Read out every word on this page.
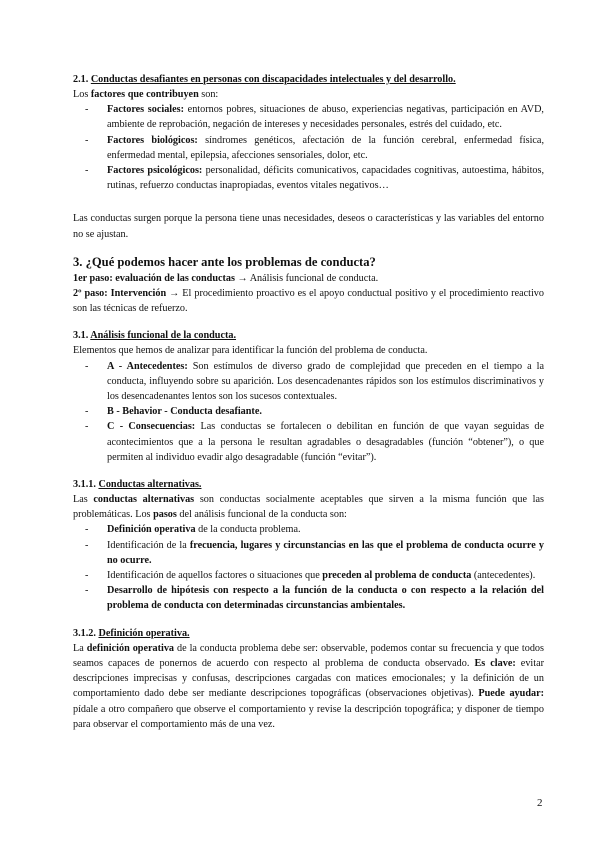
2.1. Conductas desafiantes en personas con discapacidades intelectuales y del desarrollo.

Los factores que contribuyen son:

- Factores sociales: entornos pobres, situaciones de abuso, experiencias negativas, participación en AVD, ambiente de reprobación, negación de intereses y necesidades personales, estrés del cuidado, etc.
- Factores biológicos: síndromes genéticos, afectación de la función cerebral, enfermedad física, enfermedad mental, epilepsia, afecciones sensoriales, dolor, etc.
- Factores psicológicos: personalidad, déficits comunicativos, capacidades cognitivas, autoestima, hábitos, rutinas, refuerzo conductas inapropiadas, eventos vitales negativos…

Las conductas surgen porque la persona tiene unas necesidades, deseos o características y las variables del entorno no se ajustan.

3. ¿Qué podemos hacer ante los problemas de conducta?

1er paso: evaluación de las conductas → Análisis funcional de conducta.

2º paso: Intervención → El procedimiento proactivo es el apoyo conductual positivo y el procedimiento reactivo son las técnicas de refuerzo.

3.1. Análisis funcional de la conducta.

Elementos que hemos de analizar para identificar la función del problema de conducta.

- A - Antecedentes: Son estímulos de diverso grado de complejidad que preceden en el tiempo a la conducta, influyendo sobre su aparición. Los desencadenantes rápidos son los estímulos discriminativos y los desencadenantes lentos son los sucesos contextuales.
- B - Behavior - Conducta desafiante.
- C - Consecuencias: Las conductas se fortalecen o debilitan en función de que vayan seguidas de acontecimientos que a la persona le resultan agradables o desagradables (función “obtener”), o que permiten al individuo evadir algo desagradable (función “evitar”).

3.1.1. Conductas alternativas.

Las conductas alternativas son conductas socialmente aceptables que sirven a la misma función que las problemáticas. Los pasos del análisis funcional de la conducta son:

- Definición operativa de la conducta problema.
- Identificación de la frecuencia, lugares y circunstancias en las que el problema de conducta ocurre y no ocurre.
- Identificación de aquellos factores o situaciones que preceden al problema de conducta (antecedentes).
- Desarrollo de hipótesis con respecto a la función de la conducta o con respecto a la relación del problema de conducta con determinadas circunstancias ambientales.

3.1.2. Definición operativa.

La definición operativa de la conducta problema debe ser: observable, podemos contar su frecuencia y que todos seamos capaces de ponernos de acuerdo con respecto al problema de conducta observado. Es clave: evitar descripciones imprecisas y confusas, descripciones cargadas con matices emocionales; y la definición de un comportamiento dado debe ser mediante descripciones topográficas (observaciones objetivas). Puede ayudar: pídale a otro compañero que observe el comportamiento y revise la descripción topográfica; y disponer de tiempo para observar el comportamiento más de una vez.

2
